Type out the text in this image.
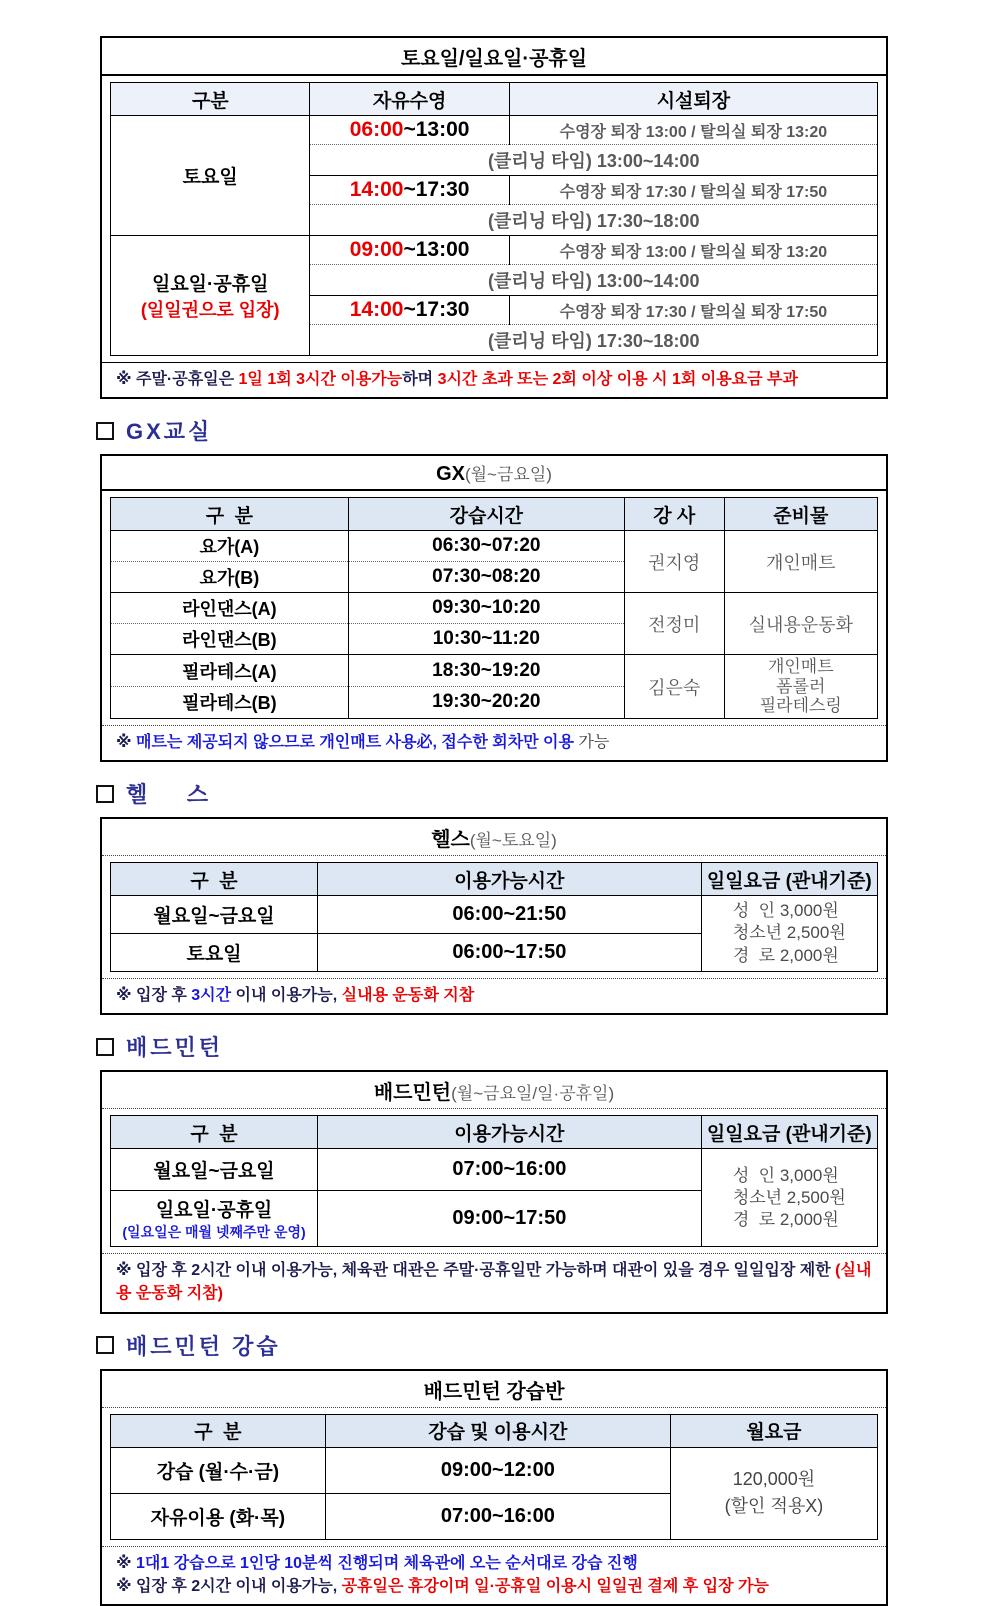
토요일/일요일·공휴일
구분	자유수영	시설퇴장

토요일	06:00~13:00	수영장 퇴장 13:00 / 탈의실 퇴장 13:20
	(클리닝 타임) 13:00~14:00	
	14:00~17:30	수영장 퇴장 17:30 / 탈의실 퇴장 17:50
	(클리닝 타임) 17:30~18:00	

일요일·공휴일
(일일권으로 입장)	09:00~13:00	수영장 퇴장 13:00 / 탈의실 퇴장 13:20
	(클리닝 타임) 13:00~14:00	
	14:00~17:30	수영장 퇴장 17:30 / 탈의실 퇴장 17:50
	(클리닝 타임) 17:30~18:00	
※ 주말·공휴일은 1일 1회 3시간 이용가능하며 3시간 초과 또는 2회 이상 이용 시 1회 이용요금 부과
GX교실
GX(월~금요일)
구  분	강습시간	강 사	준비물
요가(A)	06:30~07:20	권지영	개인매트

요가(B)	07:30~08:20		
라인댄스(A)	09:30~10:20	전정미	실내용운동화

라인댄스(B)	10:30~11:20		
필라테스(A)	18:30~19:20	김은숙	개인매트
폼롤러
필라테스링

필라테스(B)	19:30~20:20		
※ 매트는 제공되지 않으므로 개인매트 사용必, 접수한 회차만 이용 가능
헬    스
헬스(월~토요일)
구  분	이용가능시간	일일요금 (관내기준)
월요일~금요일	06:00~21:50	성  인 3,000원
청소년 2,500원
경  로 2,000원

토요일	06:00~17:50	
※ 입장 후 3시간 이내 이용가능, 실내용 운동화 지참
배드민턴
배드민턴(월~금요일/일·공휴일)
구  분	이용가능시간	일일요금 (관내기준)
월요일~금요일	07:00~16:00	성  인 3,000원
청소년 2,500원
경  로 2,000원

일요일·공휴일
(일요일은 매월 넷째주만 운영)	09:00~17:50	
※ 입장 후 2시간 이내 이용가능, 체육관 대관은 주말·공휴일만 가능하며 대관이 있을 경우 일일입장 제한 (실내용 운동화 지참)
배드민턴 강습
배드민턴 강습반
구  분	강습 및 이용시간	월요금
강습 (월·수·금)	09:00~12:00	120,000원
(할인 적용X)

자유이용 (화·목)	07:00~16:00	
※ 1대1 강습으로 1인당 10분씩 진행되며 체육관에 오는 순서대로 강습 진행
※ 입장 후 2시간 이내 이용가능, 공휴일은 휴강이며 일·공휴일 이용시 일일권 결제 후 입장 가능
